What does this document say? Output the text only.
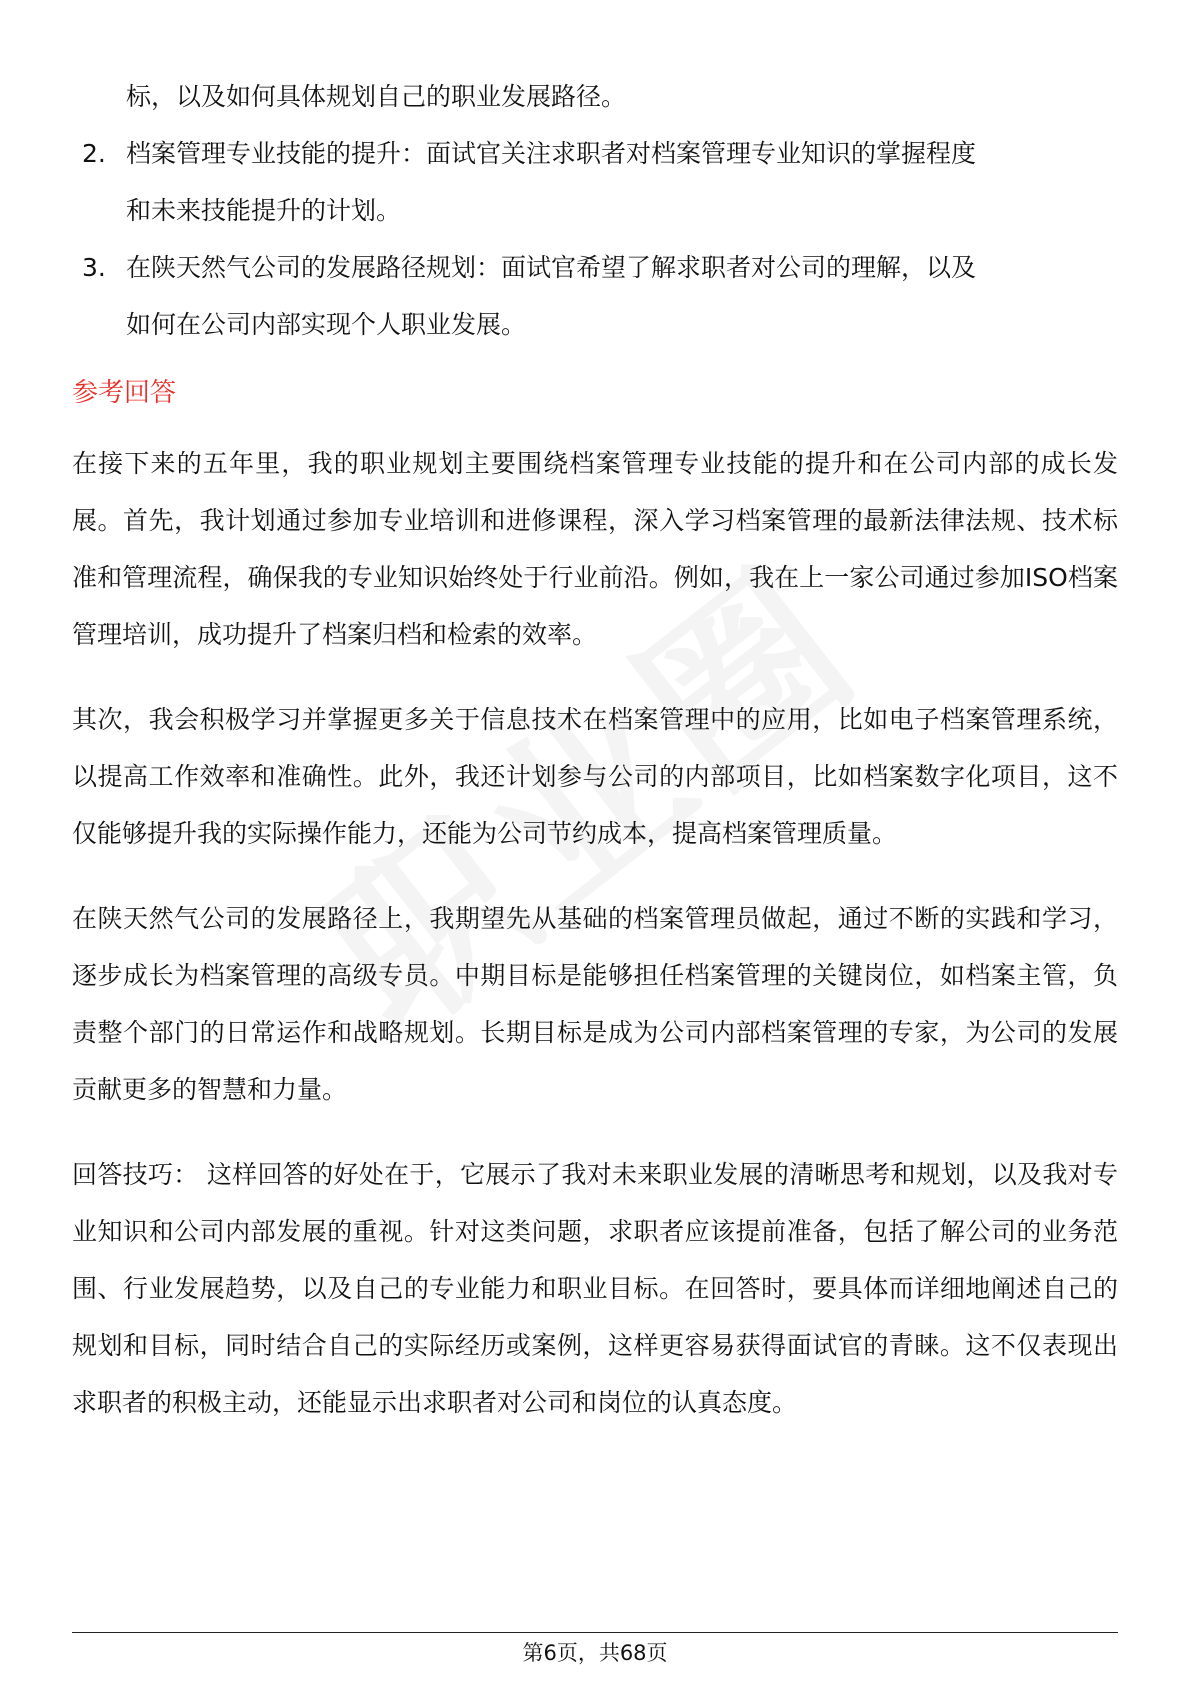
标，以及如何具体规划自己的职业发展路径。

2. 档案管理专业技能的提升：面试官关注求职者对档案管理专业知识的掌握程度
和未来技能提升的计划。
3. 在陕天然气公司的发展路径规划：面试官希望了解求职者对公司的理解，以及
如何在公司内部实现个人职业发展。
参考回答

在接下来的五年里，我的职业规划主要围绕档案管理专业技能的提升和在公司内部的成长发展。首先，我计划通过参加专业培训和进修课程，深入学习档案管理的最新法律法规、技术标准和管理流程，确保我的专业知识始终处于行业前沿。例如，我在上一家公司通过参加ISO档案管理培训，成功提升了档案归档和检索的效率。

其次，我会积极学习并掌握更多关于信息技术在档案管理中的应用，比如电子档案管理系统，以提高工作效率和准确性。此外，我还计划参与公司的内部项目，比如档案数字化项目，这不仅能够提升我的实际操作能力，还能为公司节约成本，提高档案管理质量。

在陕天然气公司的发展路径上，我期望先从基础的档案管理员做起，通过不断的实践和学习，逐步成长为档案管理的高级专员。中期目标是能够担任档案管理的关键岗位，如档案主管，负责整个部门的日常运作和战略规划。长期目标是成为公司内部档案管理的专家，为公司的发展贡献更多的智慧和力量。

回答技巧： 这样回答的好处在于，它展示了我对未来职业发展的清晰思考和规划，以及我对专业知识和公司内部发展的重视。针对这类问题，求职者应该提前准备，包括了解公司的业务范围、行业发展趋势，以及自己的专业能力和职业目标。在回答时，要具体而详细地阐述自己的规划和目标，同时结合自己的实际经历或案例，这样更容易获得面试官的青睐。这不仅表现出求职者的积极主动，还能显示出求职者对公司和岗位的认真态度。

第6页，共68页
